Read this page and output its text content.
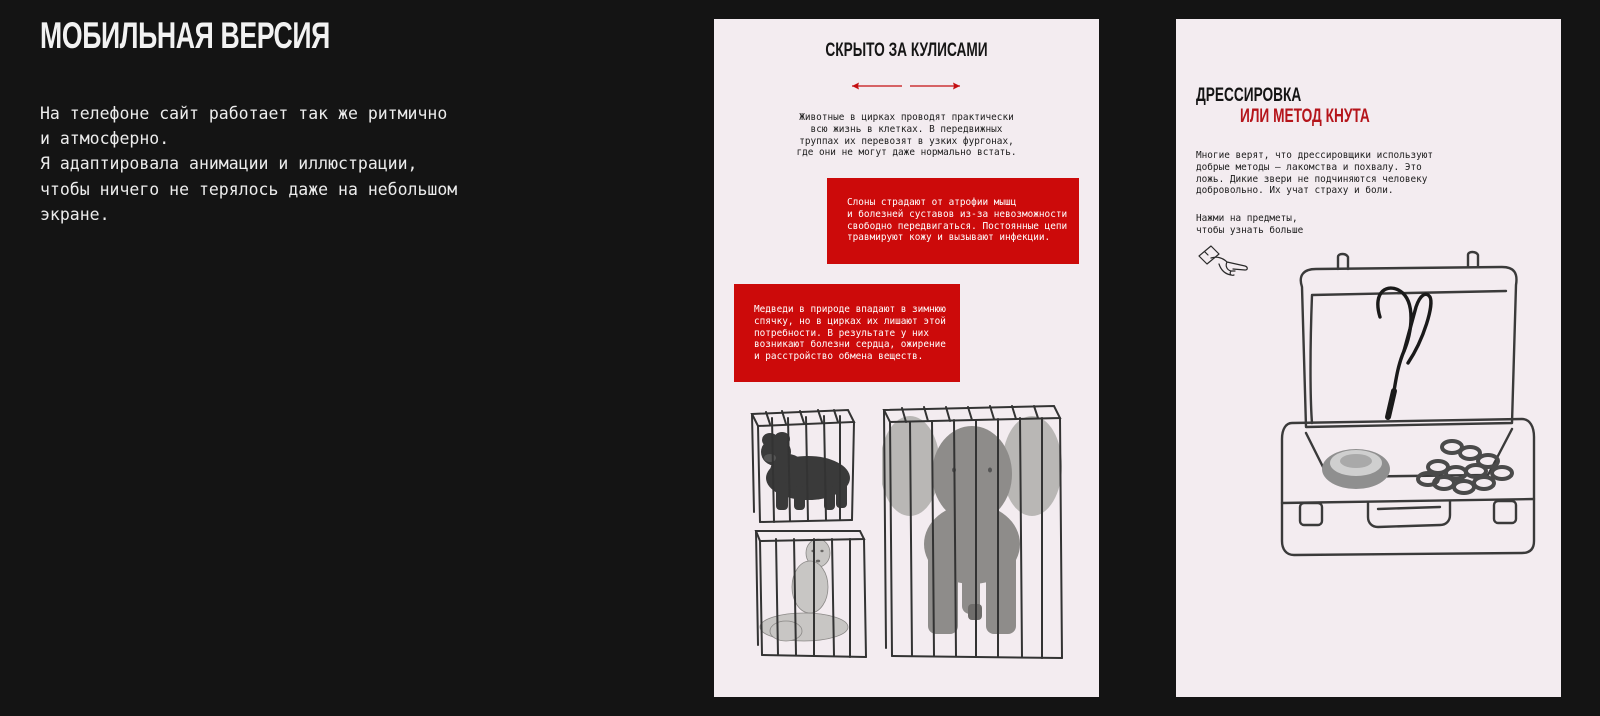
МОБИЛЬНАЯ ВЕРСИЯ

На телефоне сайт работает так же ритмично

и атмосферно.

Я адаптировала анимации и иллюстрации,

чтобы ничего не терялось даже на небольшом

экране.

СКРЫТО ЗА КУЛИСАМИ
Животные в цирках проводят практически
всю жизнь в клетках. В передвижных
труппах их перевозят в узких фургонах,
где они не могут даже нормально встать.
Слоны страдают от атрофии мышц
и болезней суставов из-за невозможности
свободно передвигаться. Постоянные цепи
травмируют кожу и вызывают инфекции.
Медведи в природе впадают в зимнюю
спячку, но в цирках их лишают этой
потребности. В результате у них
возникают болезни сердца, ожирение
и расстройство обмена веществ.
ДРЕССИРОВКА
ИЛИ МЕТОД КНУТА
Многие верят, что дрессировщики используют
добрые методы — лакомства и похвалу. Это
ложь. Дикие звери не подчиняются человеку
добровольно. Их учат страху и боли.
Нажми на предметы,
чтобы узнать больше
